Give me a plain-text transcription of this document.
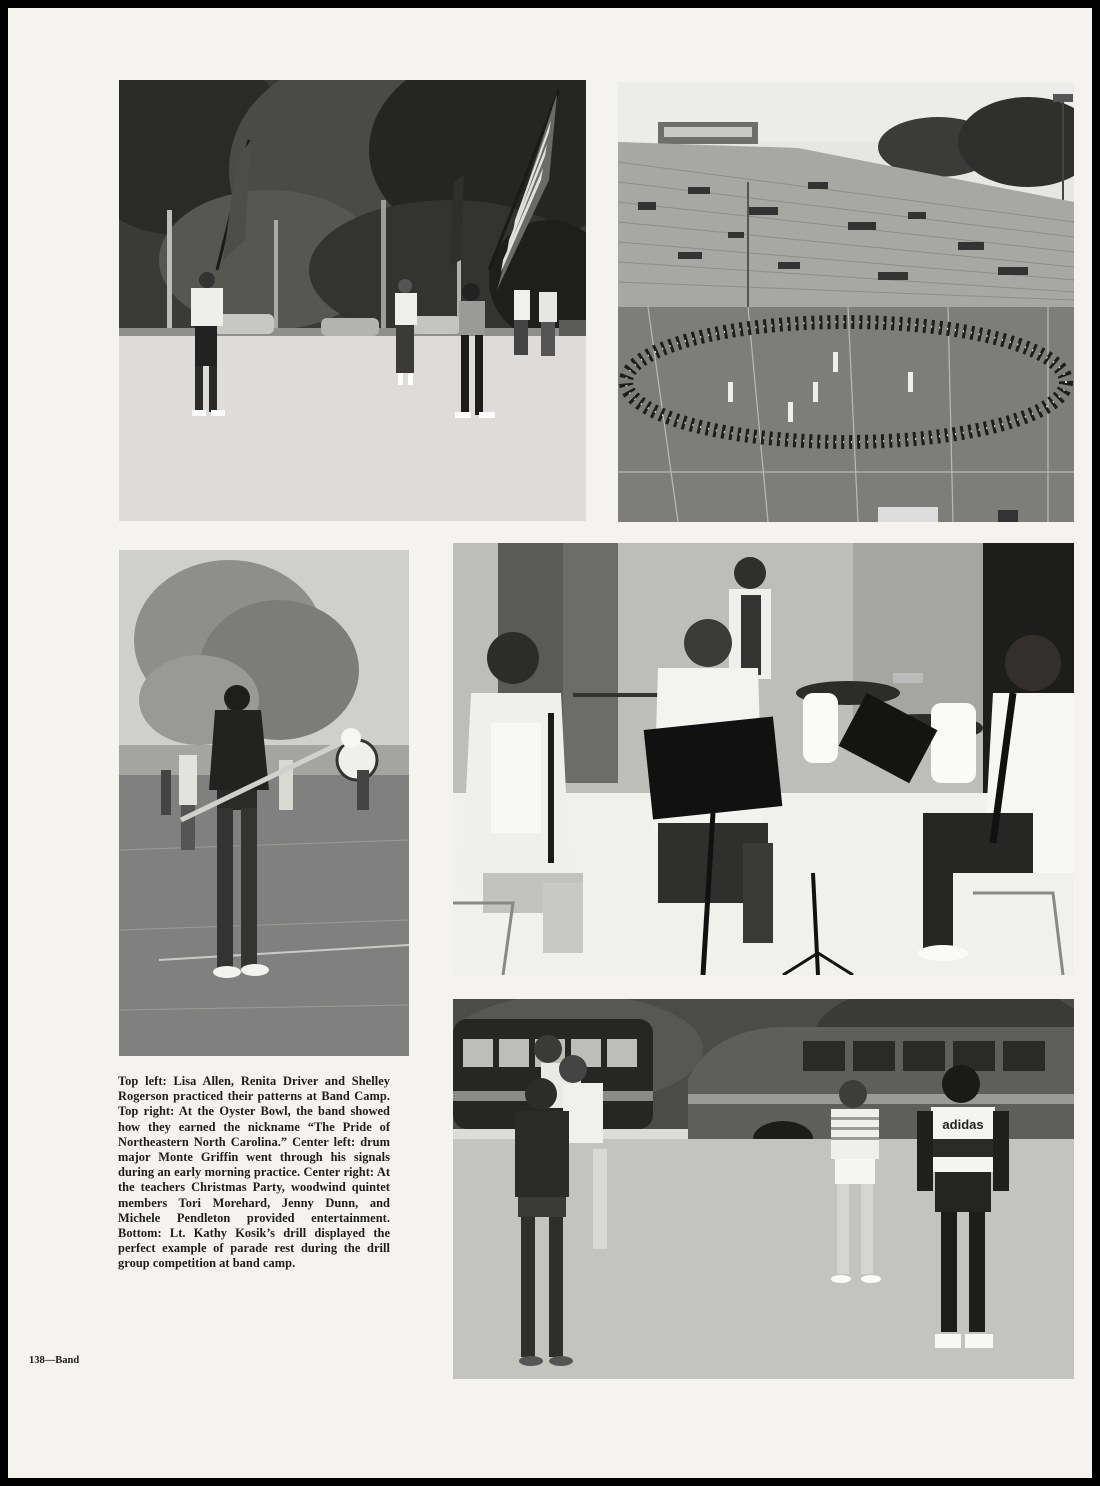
adidas

Top left: Lisa Allen, Renita Driver and Shelley Rogerson practiced their patterns at Band Camp. Top right: At the Oyster Bowl, the band showed how they earned the nickname “The Pride of Northeastern North Carolina.” Center left: drum major Monte Griffin went through his signals during an early morning practice. Center right: At the teachers Christmas Party, woodwind quintet members Tori Morehard, Jenny Dunn, and Michele Pendleton provided entertainment. Bottom: Lt. Kathy Kosik’s drill displayed the perfect example of parade rest during the drill group competition at band camp.

138—Band
